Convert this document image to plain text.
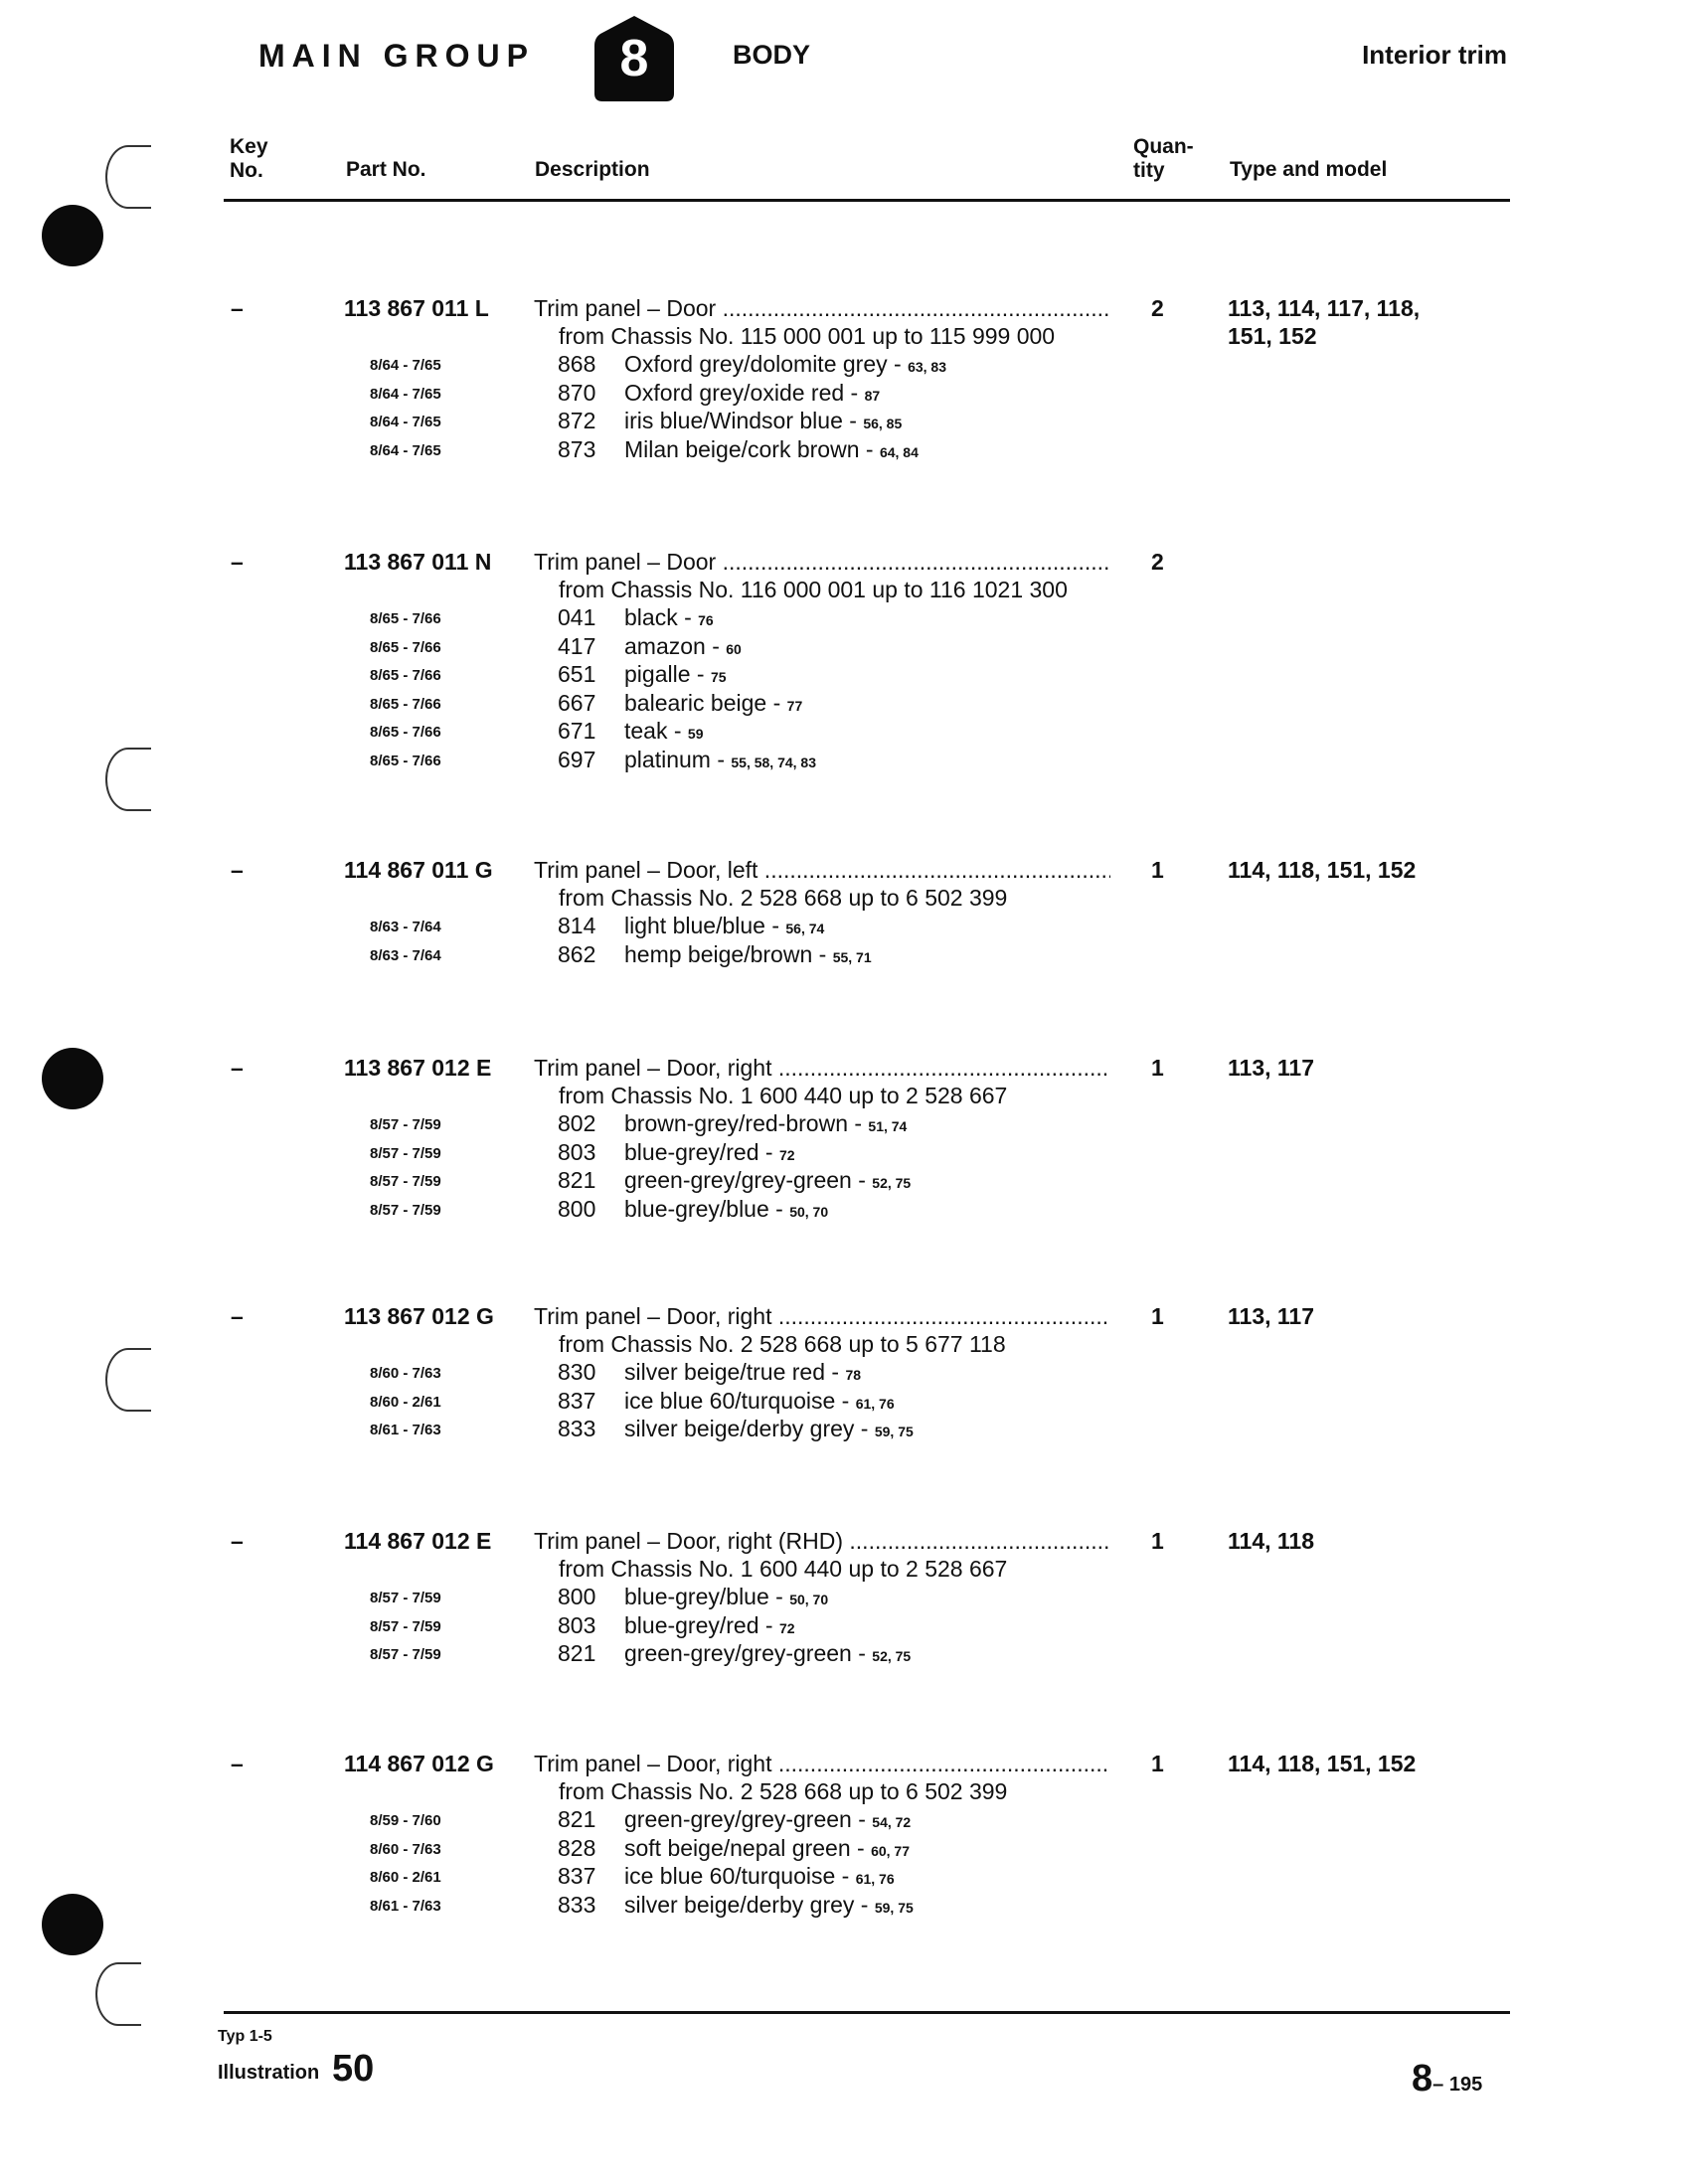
MAIN GROUP	8	BODY	Interior trim
Key
No.	Part No.	Description
Quan-
tity	Type and model
–	113 867 011 L Trim panel – Door .....	2	113, 114, 117, 118, 151, 152
from Chassis No. 115 000 001 up to 115 999 000
8/64 - 7/65	868 Oxford grey/dolomite grey - 63, 83
8/64 - 7/65	870 Oxford grey/oxide red - 87
8/64 - 7/65	872 iris blue/Windsor blue - 56, 85
8/64 - 7/65	873 Milan beige/cork brown - 64, 84
–	113 867 011 N Trim panel – Door .....	2
from Chassis No. 116 000 001 up to 116 1021 300
8/65 - 7/66	041 black - 76
8/65 - 7/66	417 amazon - 60
8/65 - 7/66	651 pigalle - 75
8/65 - 7/66	667 balearic beige - 77
8/65 - 7/66	671 teak - 59
8/65 - 7/66	697 platinum - 55, 58, 74, 83
–	114 867 011 G Trim panel – Door, left .....	1	114, 118, 151, 152
from Chassis No. 2 528 668 up to 6 502 399
8/63 - 7/64	814 light blue/blue - 56, 74
8/63 - 7/64	862 hemp beige/brown - 55, 71
–	113 867 012 E Trim panel – Door, right .....	1	113, 117
from Chassis No. 1 600 440 up to 2 528 667
8/57 - 7/59	802 brown-grey/red-brown - 51, 74
8/57 - 7/59	803 blue-grey/red - 72
8/57 - 7/59	821 green-grey/grey-green - 52, 75
8/57 - 7/59	800 blue-grey/blue - 50, 70
–	113 867 012 G Trim panel – Door, right .....	1	113, 117
from Chassis No. 2 528 668 up to 5 677 118
8/60 - 7/63	830 silver beige/true red - 78
8/60 - 2/61	837 ice blue 60/turquoise - 61, 76
8/61 - 7/63	833 silver beige/derby grey - 59, 75
–	114 867 012 E Trim panel – Door, right (RHD) .....	1	114, 118
from Chassis No. 1 600 440 up to 2 528 667
8/57 - 7/59	800 blue-grey/blue - 50, 70
8/57 - 7/59	803 blue-grey/red - 72
8/57 - 7/59	821 green-grey/grey-green - 52, 75
–	114 867 012 G Trim panel – Door, right .....	1	114, 118, 151, 152
from Chassis No. 2 528 668 up to 6 502 399
8/59 - 7/60	821 green-grey/grey-green - 54, 72
8/60 - 7/63	828 soft beige/nepal green - 60, 77
8/60 - 2/61	837 ice blue 60/turquoise - 61, 76
8/61 - 7/63	833 silver beige/derby grey - 59, 75
Typ 1-5
Illustration 50	8– 195
